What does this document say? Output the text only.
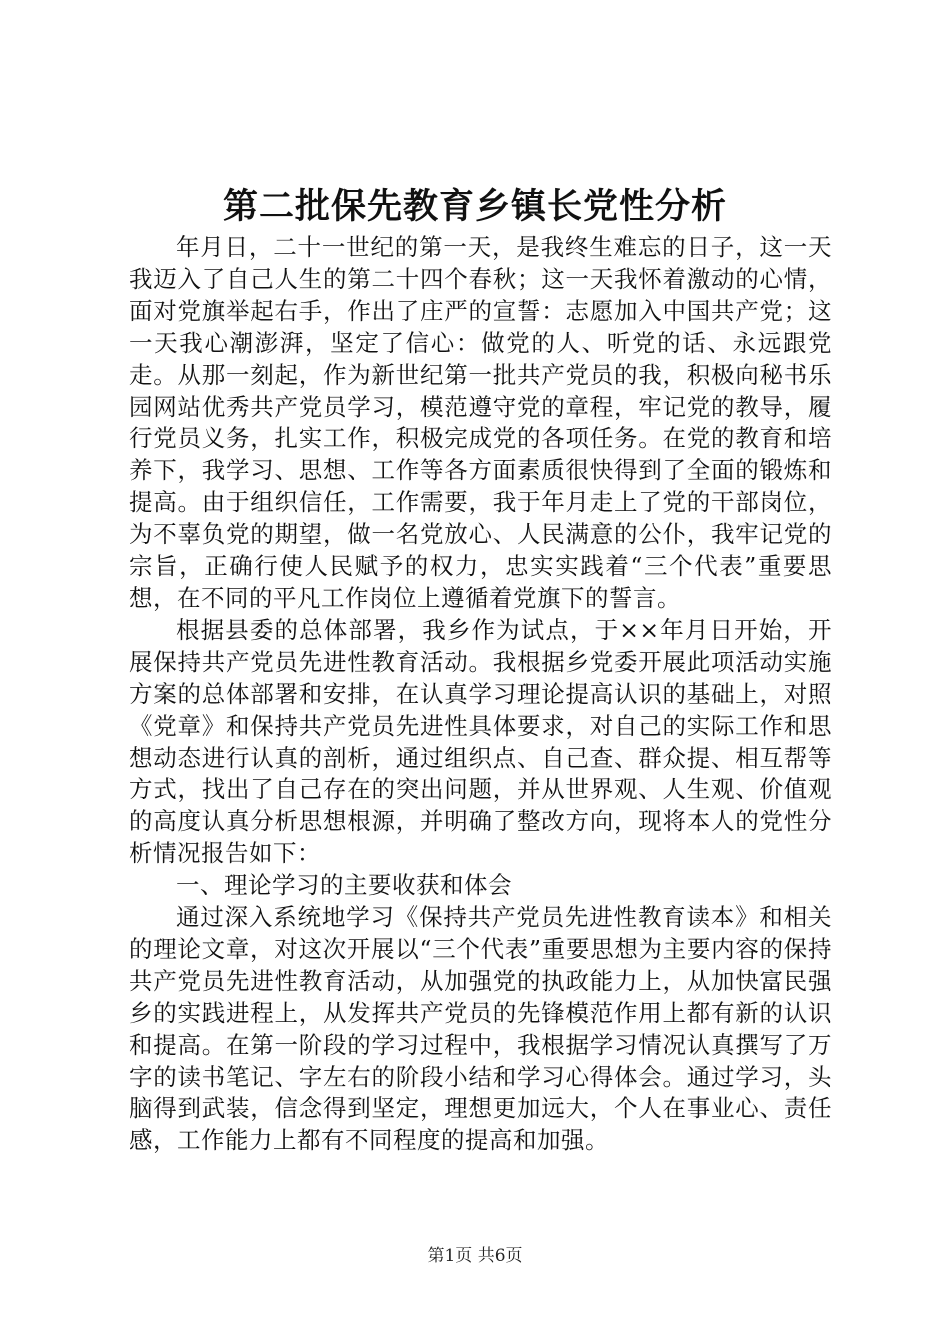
第二批保先教育乡镇长党性分析

年月日，二十一世纪的第一天，是我终生难忘的日子，这一天我迈入了自己人生的第二十四个春秋；这一天我怀着激动的心情，面对党旗举起右手，作出了庄严的宣誓：志愿加入中国共产党；这一天我心潮澎湃，坚定了信心：做党的人、听党的话、永远跟党走。从那一刻起，作为新世纪第一批共产党员的我，积极向秘书乐园网站优秀共产党员学习，模范遵守党的章程，牢记党的教导，履行党员义务，扎实工作，积极完成党的各项任务。在党的教育和培养下，我学习、思想、工作等各方面素质很快得到了全面的锻炼和提高。由于组织信任，工作需要，我于年月走上了党的干部岗位，为不辜负党的期望，做一名党放心、人民满意的公仆，我牢记党的宗旨，正确行使人民赋予的权力，忠实实践着“三个代表”重要思想，在不同的平凡工作岗位上遵循着党旗下的誓言。

根据县委的总体部署，我乡作为试点，于××年月日开始，开展保持共产党员先进性教育活动。我根据乡党委开展此项活动实施方案的总体部署和安排，在认真学习理论提高认识的基础上，对照《党章》和保持共产党员先进性具体要求，对自己的实际工作和思想动态进行认真的剖析，通过组织点、自己查、群众提、相互帮等方式，找出了自己存在的突出问题，并从世界观、人生观、价值观的高度认真分析思想根源，并明确了整改方向，现将本人的党性分析情况报告如下：

一、理论学习的主要收获和体会

通过深入系统地学习《保持共产党员先进性教育读本》和相关的理论文章，对这次开展以“三个代表”重要思想为主要内容的保持共产党员先进性教育活动，从加强党的执政能力上，从加快富民强乡的实践进程上，从发挥共产党员的先锋模范作用上都有新的认识和提高。在第一阶段的学习过程中，我根据学习情况认真撰写了万字的读书笔记、字左右的阶段小结和学习心得体会。通过学习，头脑得到武装，信念得到坚定，理想更加远大，个人在事业心、责任感，工作能力上都有不同程度的提高和加强。

第1页 共6页
